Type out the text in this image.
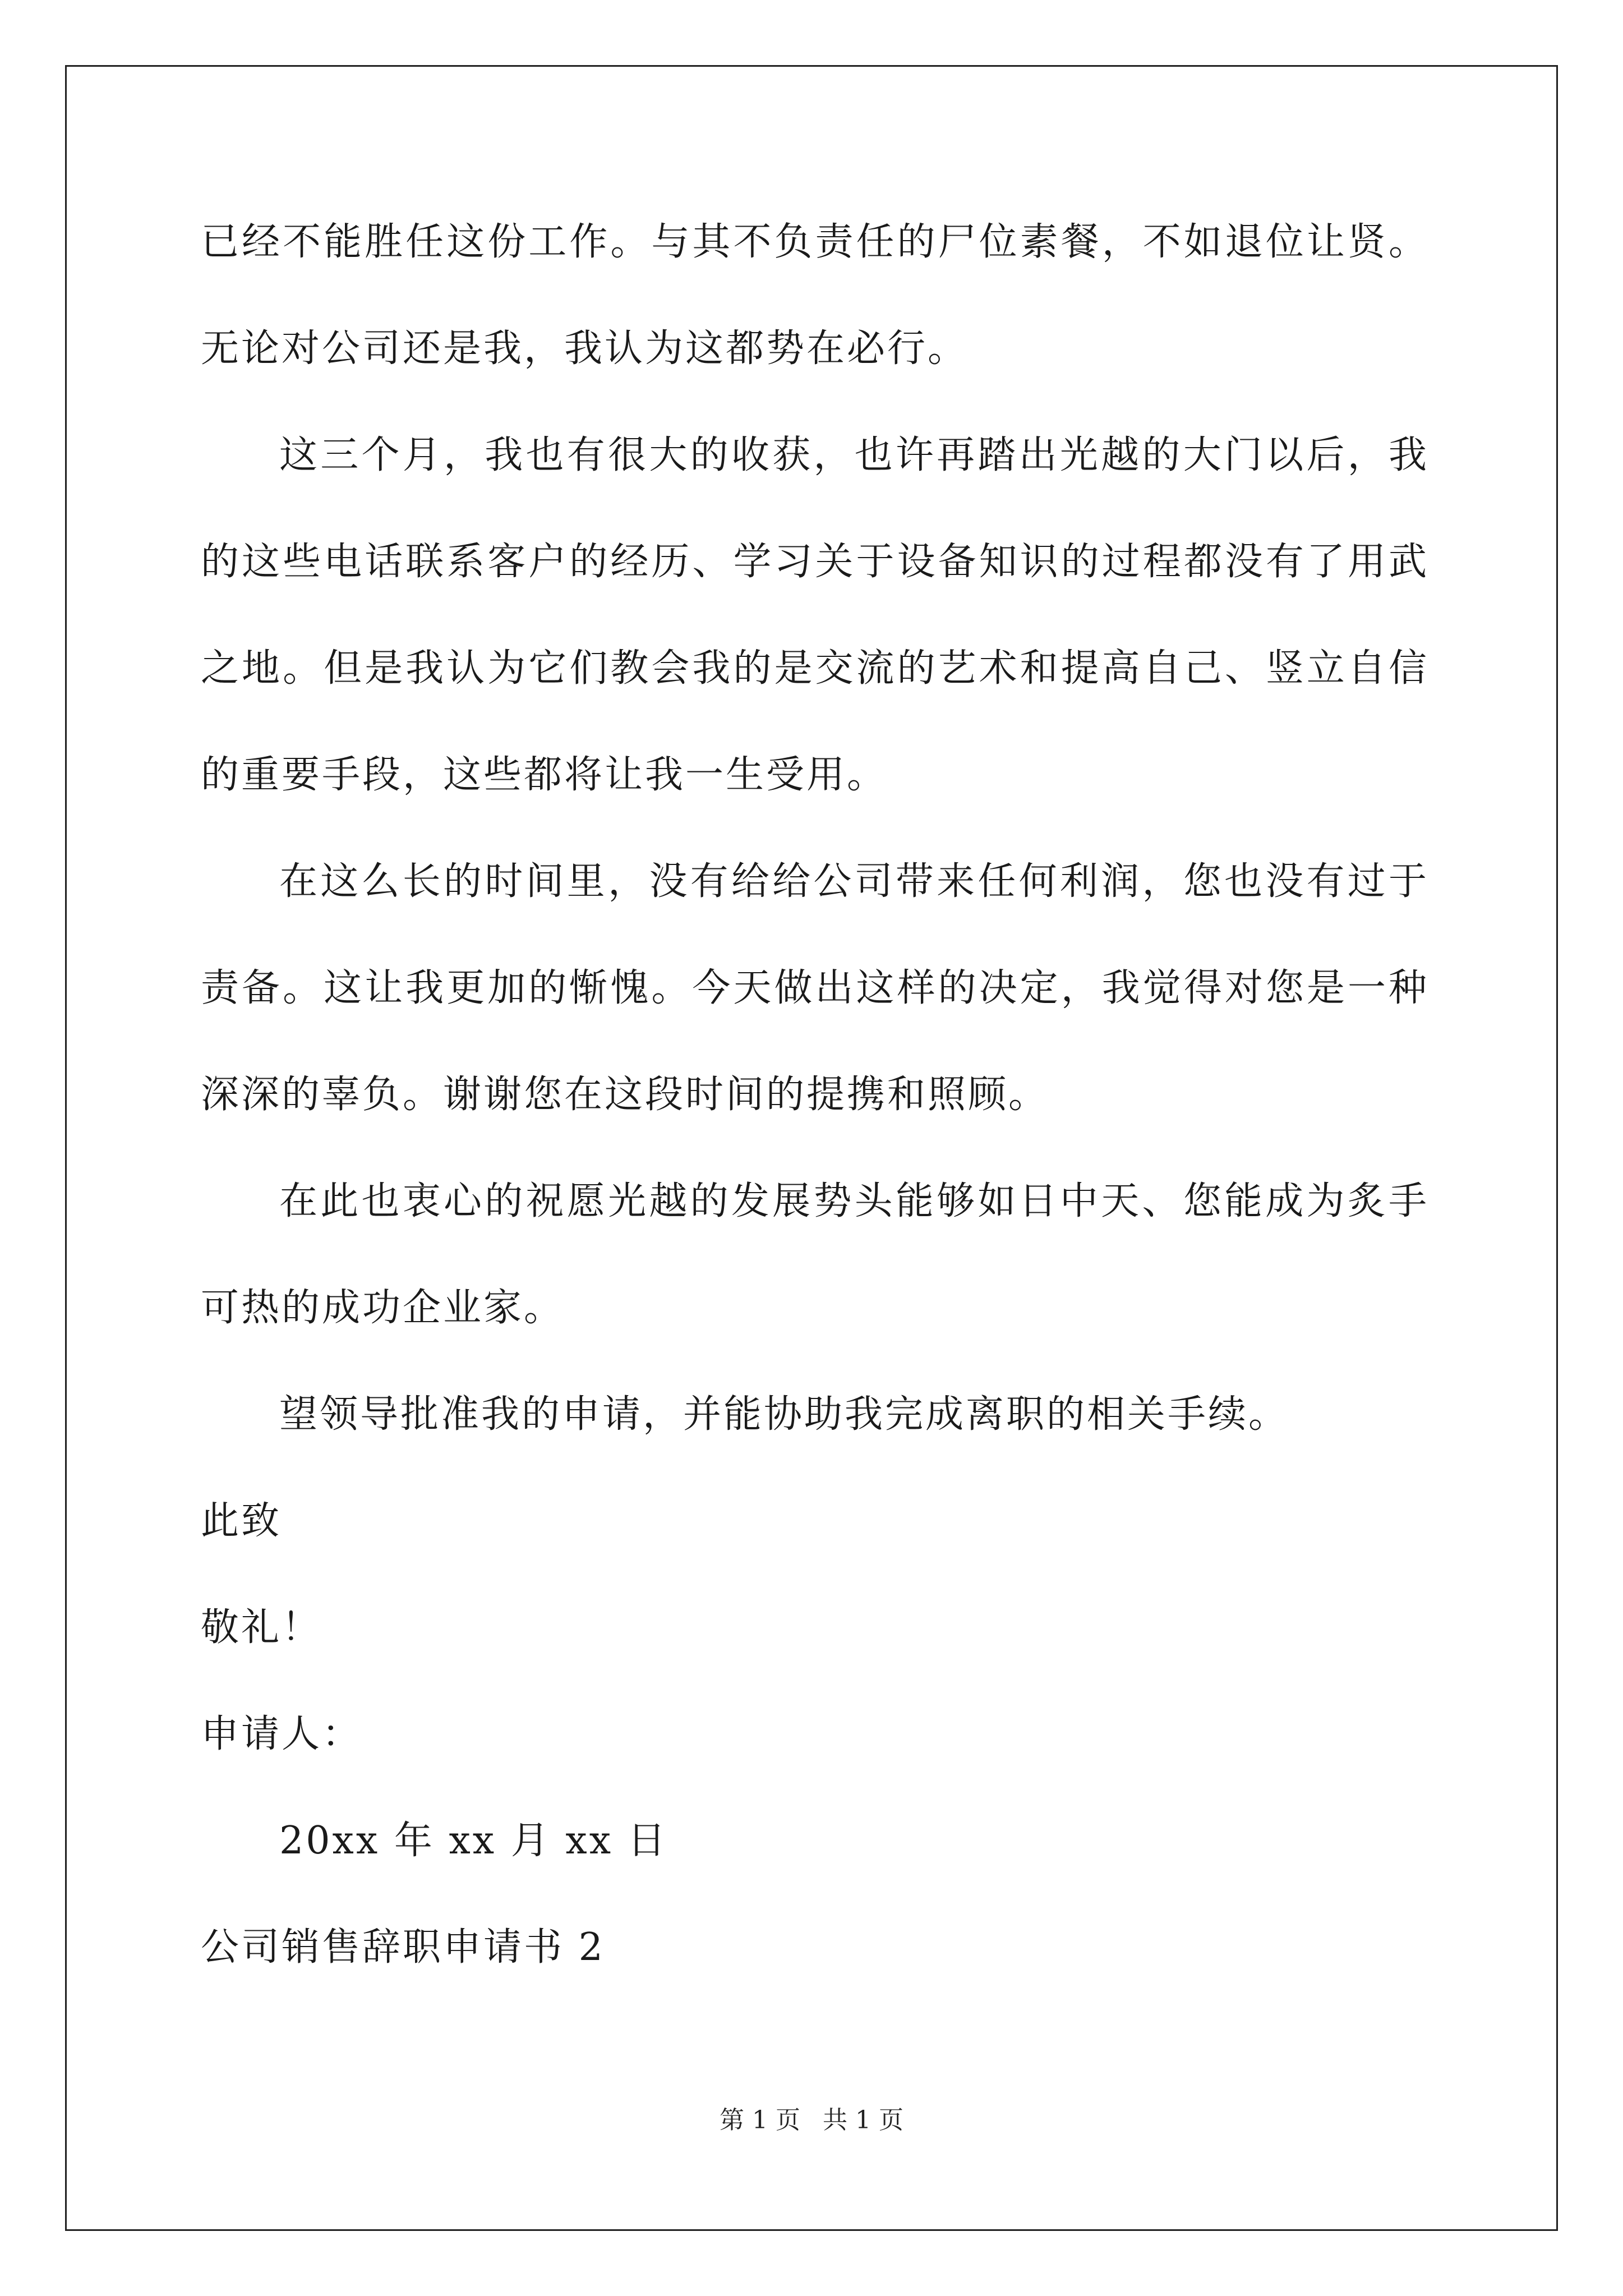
已经不能胜任这份工作。与其不负责任的尸位素餐，不如退位让贤。
无论对公司还是我，我认为这都势在必行。
这三个月，我也有很大的收获，也许再踏出光越的大门以后，我
的这些电话联系客户的经历、学习关于设备知识的过程都没有了用武
之地。但是我认为它们教会我的是交流的艺术和提高自己、竖立自信
的重要手段，这些都将让我一生受用。
在这么长的时间里，没有给给公司带来任何利润，您也没有过于
责备。这让我更加的惭愧。今天做出这样的决定，我觉得对您是一种
深深的辜负。谢谢您在这段时间的提携和照顾。
在此也衷心的祝愿光越的发展势头能够如日中天、您能成为炙手
可热的成功企业家。
望领导批准我的申请，并能协助我完成离职的相关手续。
此致
敬礼！
申请人：
20xx 年 xx 月 xx 日
公司销售辞职申请书 2
第 1 页 共 1 页
